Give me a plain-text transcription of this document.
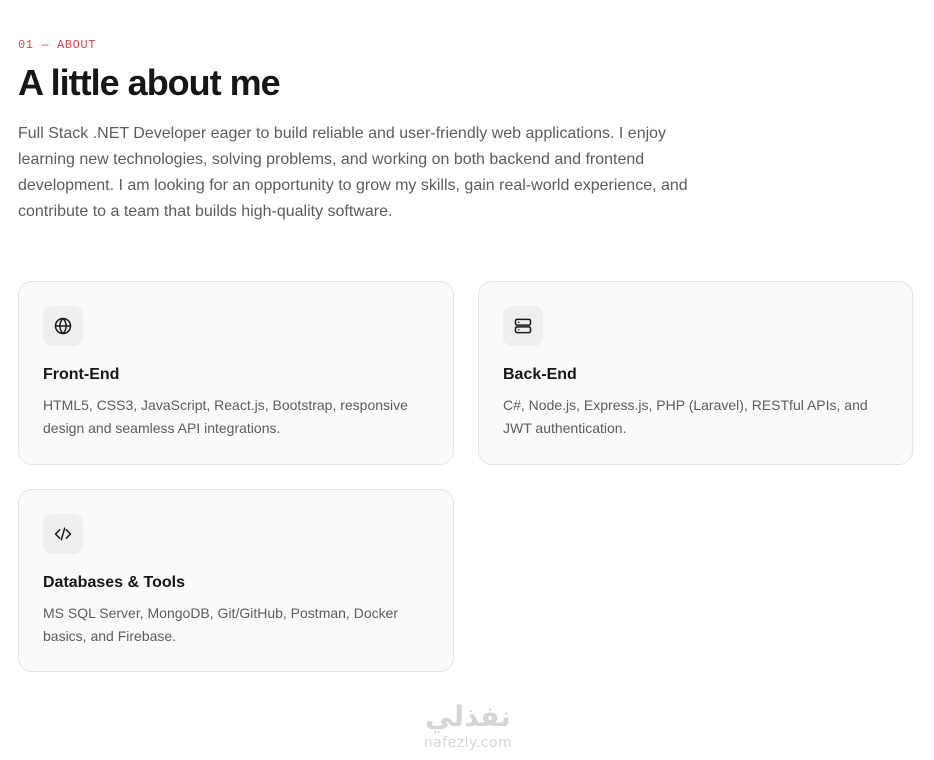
01 — ABOUT
A little about me

Full Stack .NET Developer eager to build reliable and user-friendly web applications. I enjoy learning new technologies, solving problems, and working on both backend and frontend development. I am looking for an opportunity to grow my skills, gain real-world experience, and contribute to a team that builds high-quality software.

Front-End
HTML5, CSS3, JavaScript, React.js, Bootstrap, responsive design and seamless API integrations.
Back-End
C#, Node.js, Express.js, PHP (Laravel), RESTful APIs, and JWT authentication.
Databases & Tools
MS SQL Server, MongoDB, Git/GitHub, Postman, Docker basics, and Firebase.
نفذلي
nafezly.com
